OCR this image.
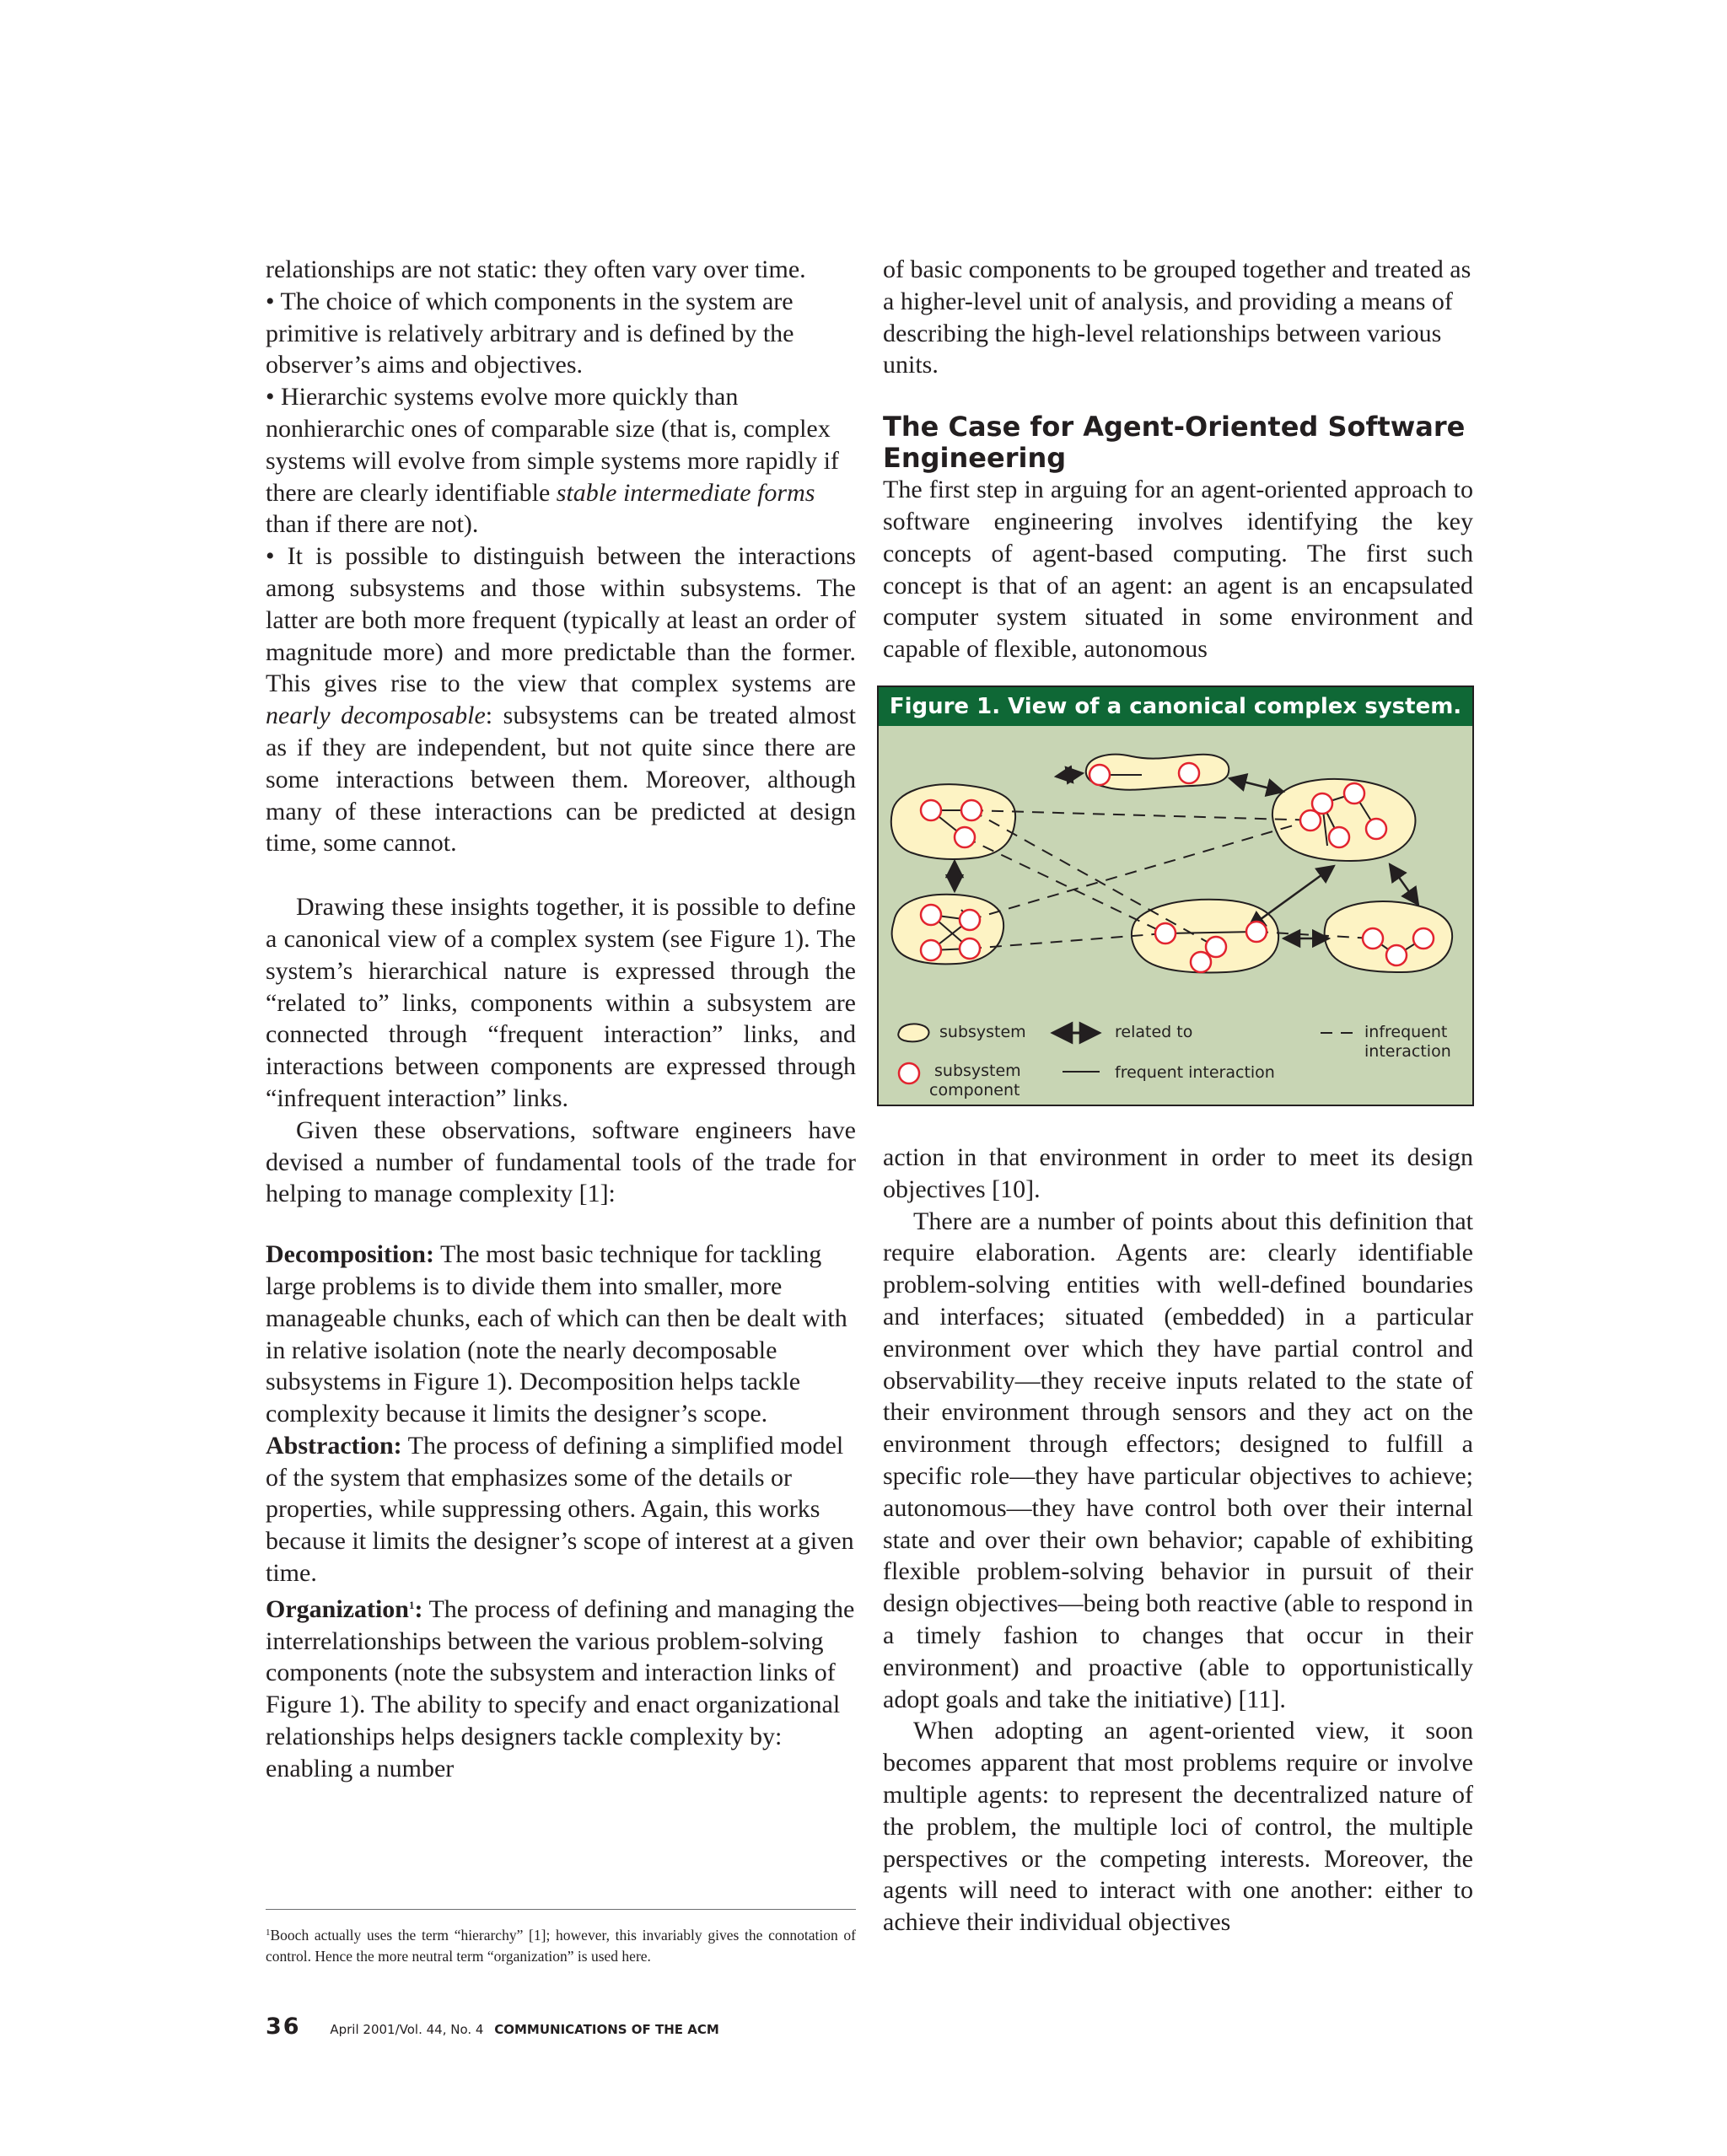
relationships are not static: they often vary over time.

• The choice of which components in the system are primitive is relatively arbitrary and is defined by the observer’s aims and objectives.

• Hierarchic systems evolve more quickly than nonhierarchic ones of comparable size (that is, complex systems will evolve from simple systems more rapidly if there are clearly identifiable stable intermediate forms than if there are not).

• It is possible to distinguish between the interactions among subsystems and those within subsystems. The latter are both more frequent (typically at least an order of magnitude more) and more predictable than the former. This gives rise to the view that complex systems are nearly decomposable: subsystems can be treated almost as if they are independent, but not quite since there are some interactions between them. Moreover, although many of these interactions can be predicted at design time, some cannot.

Drawing these insights together, it is possible to define a canonical view of a complex system (see Figure 1). The system’s hierarchical nature is expressed through the “related to” links, components within a subsystem are connected through “frequent interaction” links, and interactions between components are expressed through “infrequent interaction” links.

Given these observations, software engineers have devised a number of fundamental tools of the trade for helping to manage complexity [1]:

Decomposition: The most basic technique for tackling large problems is to divide them into smaller, more manageable chunks, each of which can then be dealt with in relative isolation (note the nearly decomposable subsystems in Figure 1). Decomposition helps tackle complexity because it limits the designer’s scope.

Abstraction: The process of defining a simplified model of the system that emphasizes some of the details or properties, while suppressing others. Again, this works because it limits the designer’s scope of interest at a given time.

Organization$^1$: The process of defining and managing the interrelationships between the various problem-solving components (note the subsystem and interaction links of Figure 1). The ability to specify and enact organizational relationships helps designers tackle complexity by: enabling a number

of basic components to be grouped together and treated as a higher-level unit of analysis, and providing a means of describing the high-level relationships between various units.

The Case for Agent-Oriented Software Engineering

The first step in arguing for an agent-oriented approach to software engineering involves identifying the key concepts of agent-based computing. The first such concept is that of an agent: an agent is an encapsulated computer system situated in some environment and capable of flexible, autonomous

Figure 1. View of a canonical complex system.
subsystem	related to	infrequent
interaction
subsystem
component
frequent interaction

action in that environment in order to meet its design objectives [10].

There are a number of points about this definition that require elaboration. Agents are: clearly identifiable problem-solving entities with well-defined boundaries and interfaces; situated (embedded) in a particular environment over which they have partial control and observability—they receive inputs related to the state of their environment through sensors and they act on the environment through effectors; designed to fulfill a specific role—they have particular objectives to achieve; autonomous—they have control both over their internal state and over their own behavior; capable of exhibiting flexible problem-solving behavior in pursuit of their design objectives—being both reactive (able to respond in a timely fashion to changes that occur in their environment) and proactive (able to opportunistically adopt goals and take the initiative) [11].

When adopting an agent-oriented view, it soon becomes apparent that most problems require or involve multiple agents: to represent the decentralized nature of the problem, the multiple loci of control, the multiple perspectives or the competing interests. Moreover, the agents will need to interact with one another: either to achieve their individual objectives

$^1$Booch actually uses the term “hierarchy” [1]; however, this invariably gives the connotation of control. Hence the more neutral term “organization” is used here.
36 April 2001/Vol. 44, No. 4 COMMUNICATIONS OF THE ACM
